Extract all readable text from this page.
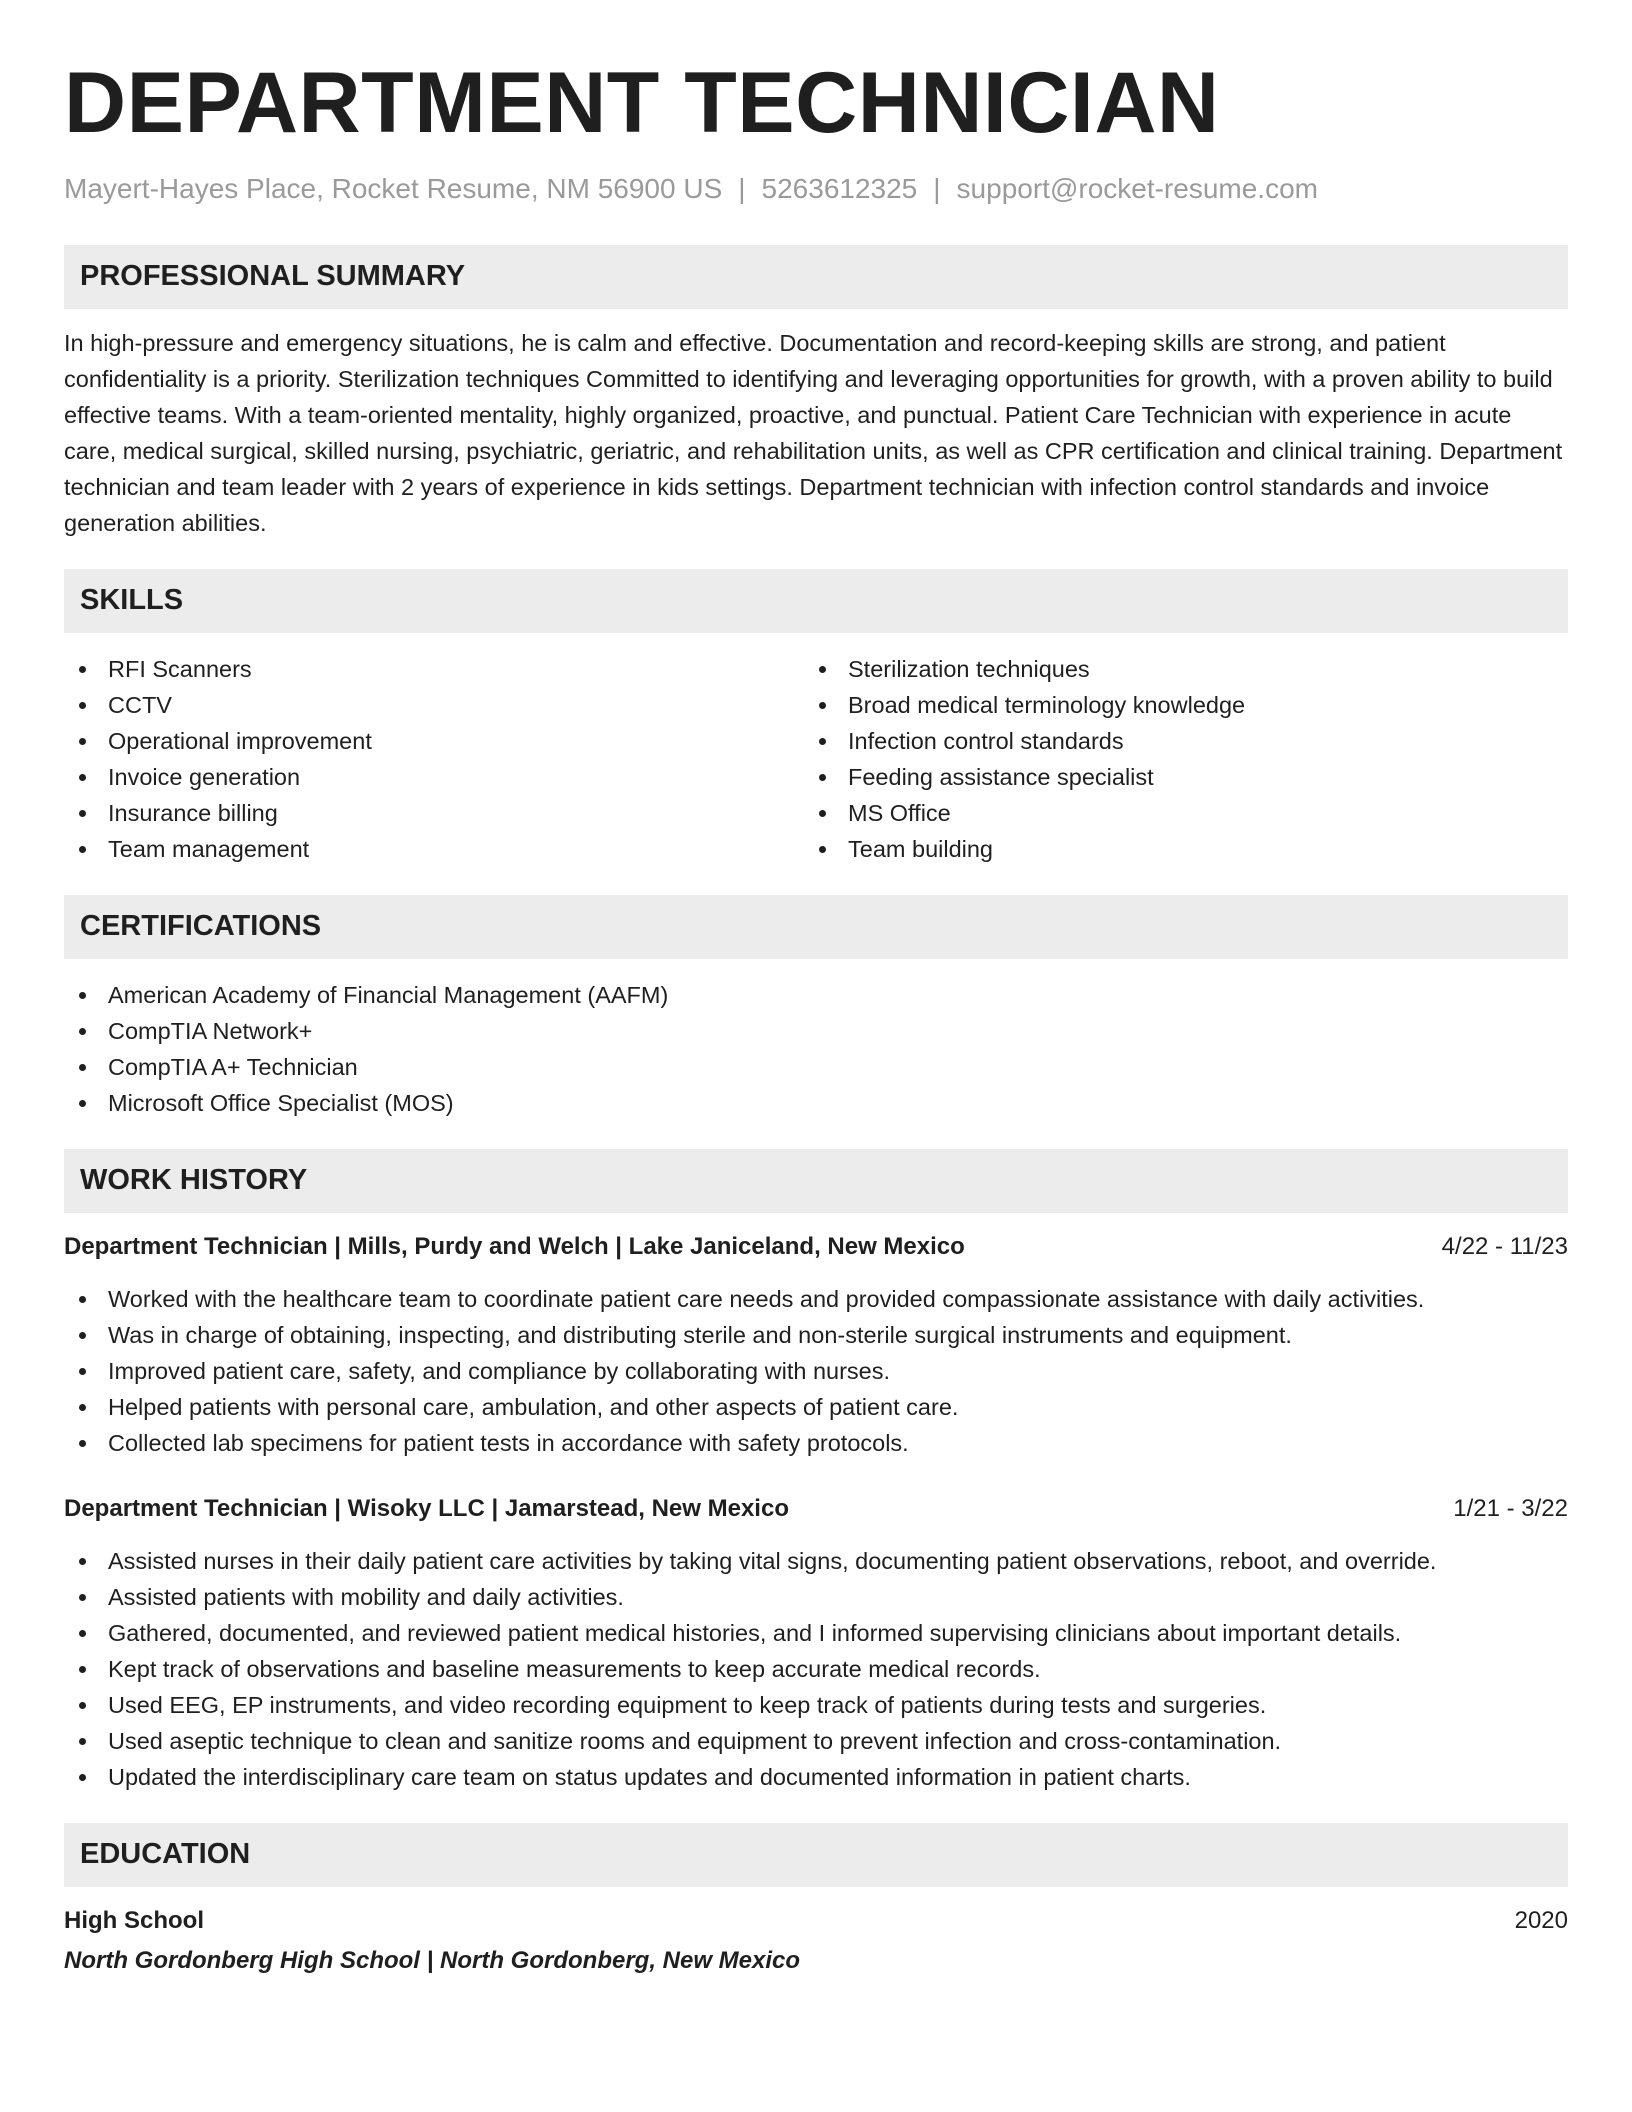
DEPARTMENT TECHNICIAN
Mayert-Hayes Place, Rocket Resume, NM 56900 US | 5263612325 | support@rocket-resume.com
PROFESSIONAL SUMMARY

In high-pressure and emergency situations, he is calm and effective. Documentation and record-keeping skills are strong, and patient confidentiality is a priority. Sterilization techniques Committed to identifying and leveraging opportunities for growth, with a proven ability to build effective teams. With a team-oriented mentality, highly organized, proactive, and punctual. Patient Care Technician with experience in acute care, medical surgical, skilled nursing, psychiatric, geriatric, and rehabilitation units, as well as CPR certification and clinical training. Department technician and team leader with 2 years of experience in kids settings. Department technician with infection control standards and invoice generation abilities.

SKILLS
RFI Scanners
CCTV
Operational improvement
Invoice generation
Insurance billing
Team management
Sterilization techniques
Broad medical terminology knowledge
Infection control standards
Feeding assistance specialist
MS Office
Team building
CERTIFICATIONS
American Academy of Financial Management (AAFM)
CompTIA Network+
CompTIA A+ Technician
Microsoft Office Specialist (MOS)
WORK HISTORY
Department Technician | Mills, Purdy and Welch | Lake Janiceland, New Mexico	4/22 - 11/23
Worked with the healthcare team to coordinate patient care needs and provided compassionate assistance with daily activities.
Was in charge of obtaining, inspecting, and distributing sterile and non-sterile surgical instruments and equipment.
Improved patient care, safety, and compliance by collaborating with nurses.
Helped patients with personal care, ambulation, and other aspects of patient care.
Collected lab specimens for patient tests in accordance with safety protocols.
Department Technician | Wisoky LLC | Jamarstead, New Mexico	1/21 - 3/22
Assisted nurses in their daily patient care activities by taking vital signs, documenting patient observations, reboot, and override.
Assisted patients with mobility and daily activities.
Gathered, documented, and reviewed patient medical histories, and I informed supervising clinicians about important details.
Kept track of observations and baseline measurements to keep accurate medical records.
Used EEG, EP instruments, and video recording equipment to keep track of patients during tests and surgeries.
Used aseptic technique to clean and sanitize rooms and equipment to prevent infection and cross-contamination.
Updated the interdisciplinary care team on status updates and documented information in patient charts.
EDUCATION
High School	2020
North Gordonberg High School | North Gordonberg, New Mexico
